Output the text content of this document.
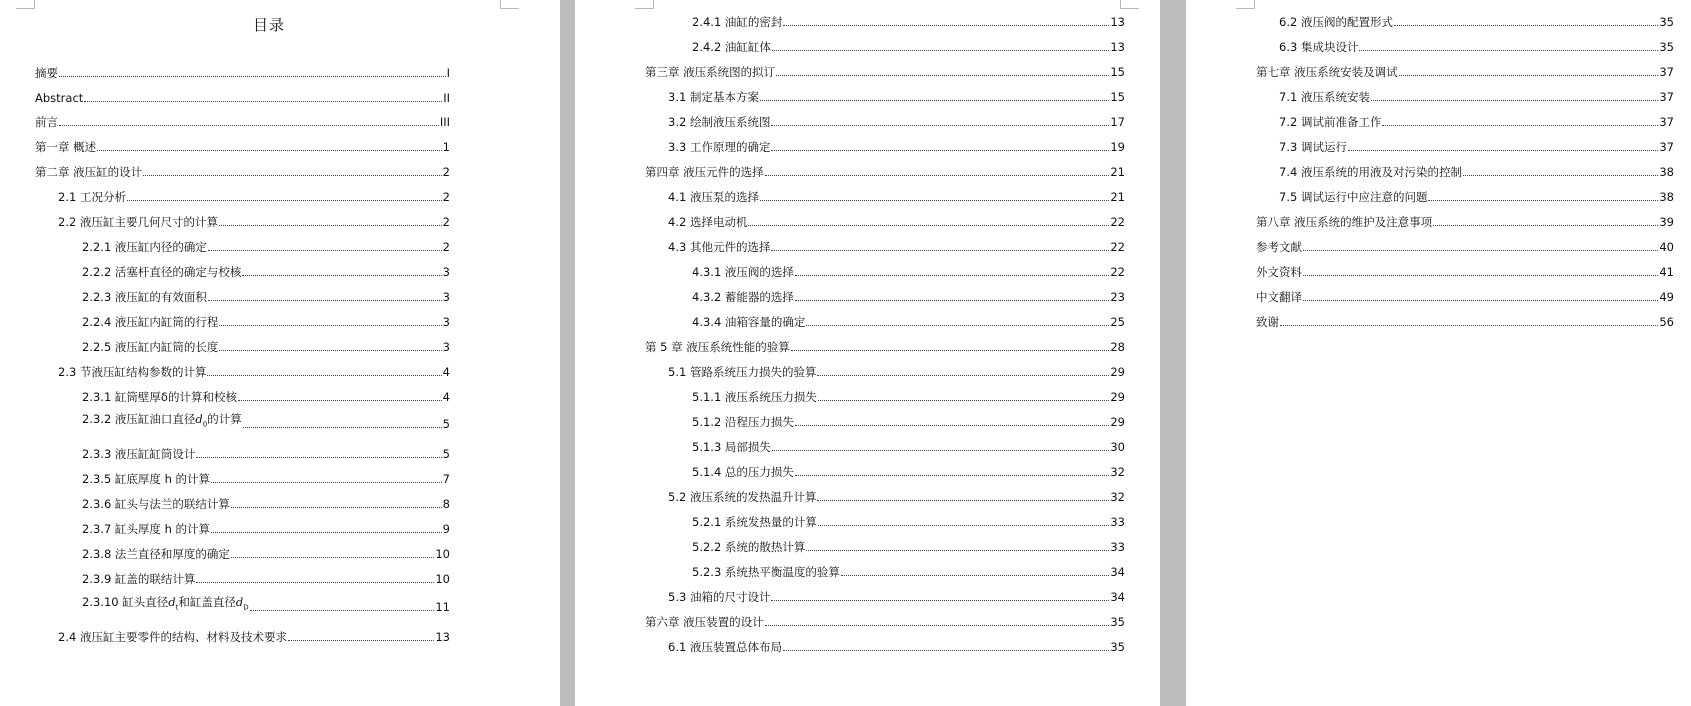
目录
摘要	I
Abstract	II
前言	III
第一章 概述	1
第二章 液压缸的设计	2
2.1 工况分析	2
2.2 液压缸主要几何尺寸的计算	2
2.2.1 液压缸内径的确定	2
2.2.2 活塞杆直径的确定与校核	3
2.2.3 液压缸的有效面积	3
2.2.4 液压缸内缸筒的行程	3
2.2.5 液压缸内缸筒的长度	3
2.3 节液压缸结构参数的计算	4
2.3.1 缸筒壁厚δ的计算和校核	4
2.3.2 液压缸油口直径$d_0$的计算	5
2.3.3 液压缸缸筒设计	5
2.3.5 缸底厚度 h 的计算	7
2.3.6 缸头与法兰的联结计算	8
2.3.7 缸头厚度 h 的计算	9
2.3.8 法兰直径和厚度的确定	10
2.3.9 缸盖的联结计算	10
2.3.10 缸头直径$d_t$和缸盖直径$d_D$	11
2.4 液压缸主要零件的结构、材料及技术要求	13
2.4.1 油缸的密封	13
2.4.2 油缸缸体	13
第三章 液压系统图的拟订	15
3.1 制定基本方案	15
3.2 绘制液压系统图	17
3.3 工作原理的确定	19
第四章 液压元件的选择	21
4.1 液压泵的选择	21
4.2 选择电动机	22
4.3 其他元件的选择	22
4.3.1 液压阀的选择	22
4.3.2 蓄能器的选择	23
4.3.4 油箱容量的确定	25
第 5 章 液压系统性能的验算	28
5.1 管路系统压力损失的验算	29
5.1.1 液压系统压力损失	29
5.1.2 沿程压力损失	29
5.1.3 局部损失	30
5.1.4 总的压力损失	32
5.2 液压系统的发热温升计算	32
5.2.1 系统发热量的计算	33
5.2.2 系统的散热计算	33
5.2.3 系统热平衡温度的验算	34
5.3 油箱的尺寸设计	34
第六章 液压装置的设计	35
6.1 液压装置总体布局	35
6.2 液压阀的配置形式	35
6.3 集成块设计	35
第七章 液压系统安装及调试	37
7.1 液压系统安装	37
7.2 调试前准备工作	37
7.3 调试运行	37
7.4 液压系统的用液及对污染的控制	38
7.5 调试运行中应注意的问题	38
第八章 液压系统的维护及注意事项	39
参考文献	40
外文资料	41
中文翻译	49
致谢	56
